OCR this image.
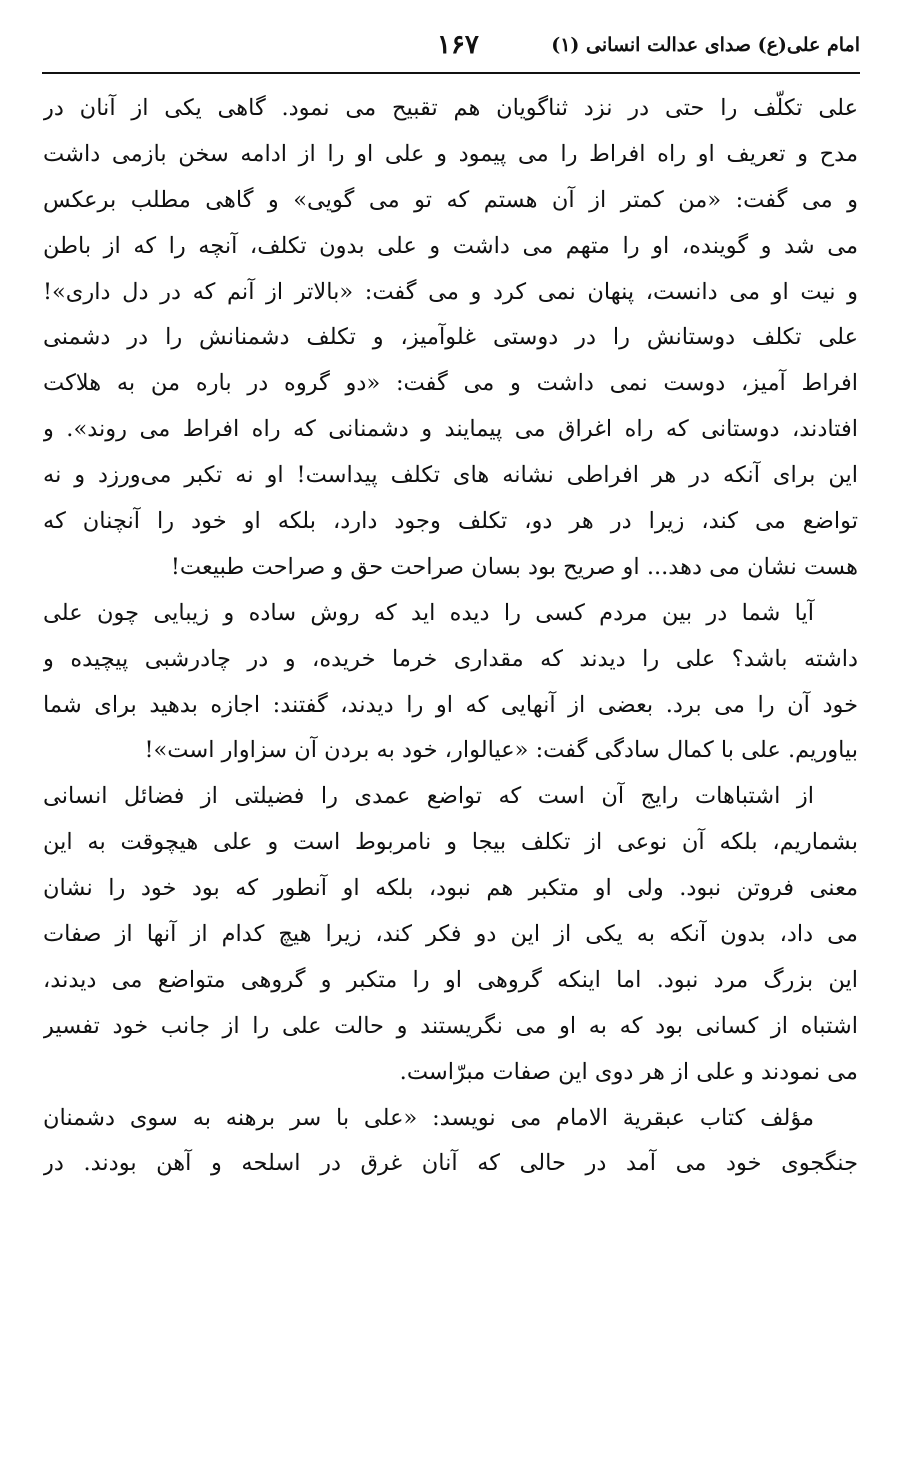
امام علی(ع) صدای عدالت انسانی (۱)
۱۶۷
علی تکلّف را حتی در نزد ثناگویان هم تقبیح می نمود. گاهی یکی از آنان در
مدح و تعریف او راه افراط را می پیمود و علی او را از ادامه سخن بازمی داشت
و می گفت: «من کمتر از آن هستم که تو می گویی» و گاهی مطلب برعکس
می شد و گوینده، او را متهم می داشت و علی بدون تکلف، آنچه را که از باطن
و نیت او می دانست، پنهان نمی کرد و می گفت: «بالاتر از آنم که در دل داری»!
علی تکلف دوستانش را در دوستی غلوآمیز، و تکلف دشمنانش را در دشمنی
افراط آمیز، دوست نمی داشت و می گفت: «دو گروه در باره من به هلاکت
افتادند، دوستانی که راه اغراق می پیمایند و دشمنانی که راه افراط می روند». و
این برای آنکه در هر افراطی نشانه های تکلف پیداست! او نه تکبر می‌ورزد و نه
تواضع می کند، زیرا در هر دو، تکلف وجود دارد، بلکه او خود را آنچنان که
هست نشان می دهد... او صریح بود بسان صراحت حق و صراحت طبیعت!
آیا شما در بین مردم کسی را دیده اید که روش ساده و زیبایی چون علی
داشته باشد؟ علی را دیدند که مقداری خرما خریده، و در چادرشبی پیچیده و
خود آن را می برد. بعضی از آنهایی که او را دیدند، گفتند: اجازه بدهید برای شما
بیاوریم. علی با کمال سادگی گفت: «عیالوار، خود به بردن آن سزاوار است»!
از اشتباهات رایج آن است که تواضع عمدی را فضیلتی از فضائل انسانی
بشماریم، بلکه آن نوعی از تکلف بیجا و نامربوط است و علی هیچوقت به این
معنی فروتن نبود. ولی او متکبر هم نبود، بلکه او آنطور که بود خود را نشان
می داد، بدون آنکه به یکی از این دو فکر کند، زیرا هیچ کدام از آنها از صفات
این بزرگ مرد نبود. اما اینکه گروهی او را متکبر و گروهی متواضع می دیدند،
اشتباه از کسانی بود که به او می نگریستند و حالت علی را از جانب خود تفسیر
می نمودند و علی از هر دوی این صفات مبرّاست.
مؤلف کتاب عبقریة الامام می نویسد: «علی با سر برهنه به سوی دشمنان
جنگجوی خود می آمد در حالی که آنان غرق در اسلحه و آهن بودند. در
